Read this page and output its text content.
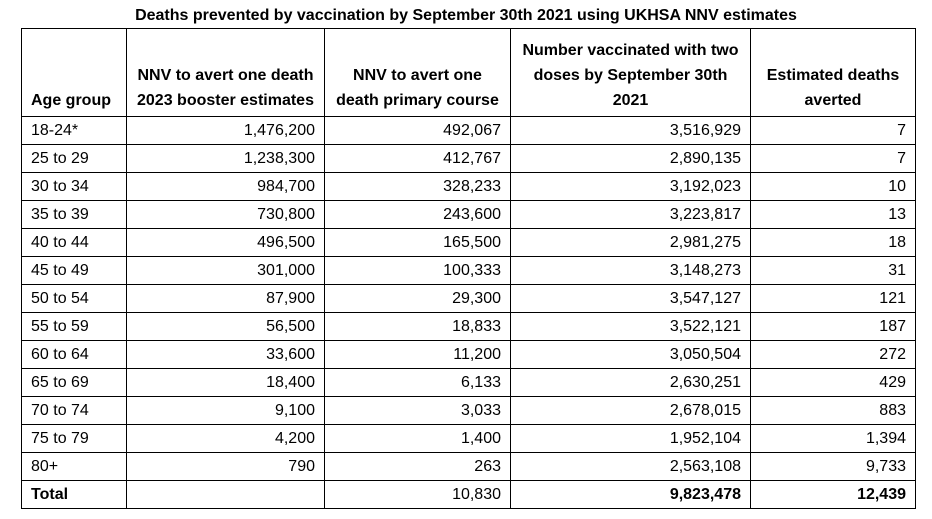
Deaths prevented by vaccination by September 30th 2021 using UKHSA NNV estimates
Age group	NNV to avert one death 2023 booster estimates	NNV to avert one death primary course	Number vaccinated with two doses by September 30th 2021	Estimated deaths averted
18-24*	1,476,200	492,067	3,516,929	7
25 to 29	1,238,300	412,767	2,890,135	7
30 to 34	984,700	328,233	3,192,023	10
35 to 39	730,800	243,600	3,223,817	13
40 to 44	496,500	165,500	2,981,275	18
45 to 49	301,000	100,333	3,148,273	31
50 to 54	87,900	29,300	3,547,127	121
55 to 59	56,500	18,833	3,522,121	187
60 to 64	33,600	11,200	3,050,504	272
65 to 69	18,400	6,133	2,630,251	429
70 to 74	9,100	3,033	2,678,015	883
75 to 79	4,200	1,400	1,952,104	1,394
80+	790	263	2,563,108	9,733
Total		10,830	9,823,478	12,439
